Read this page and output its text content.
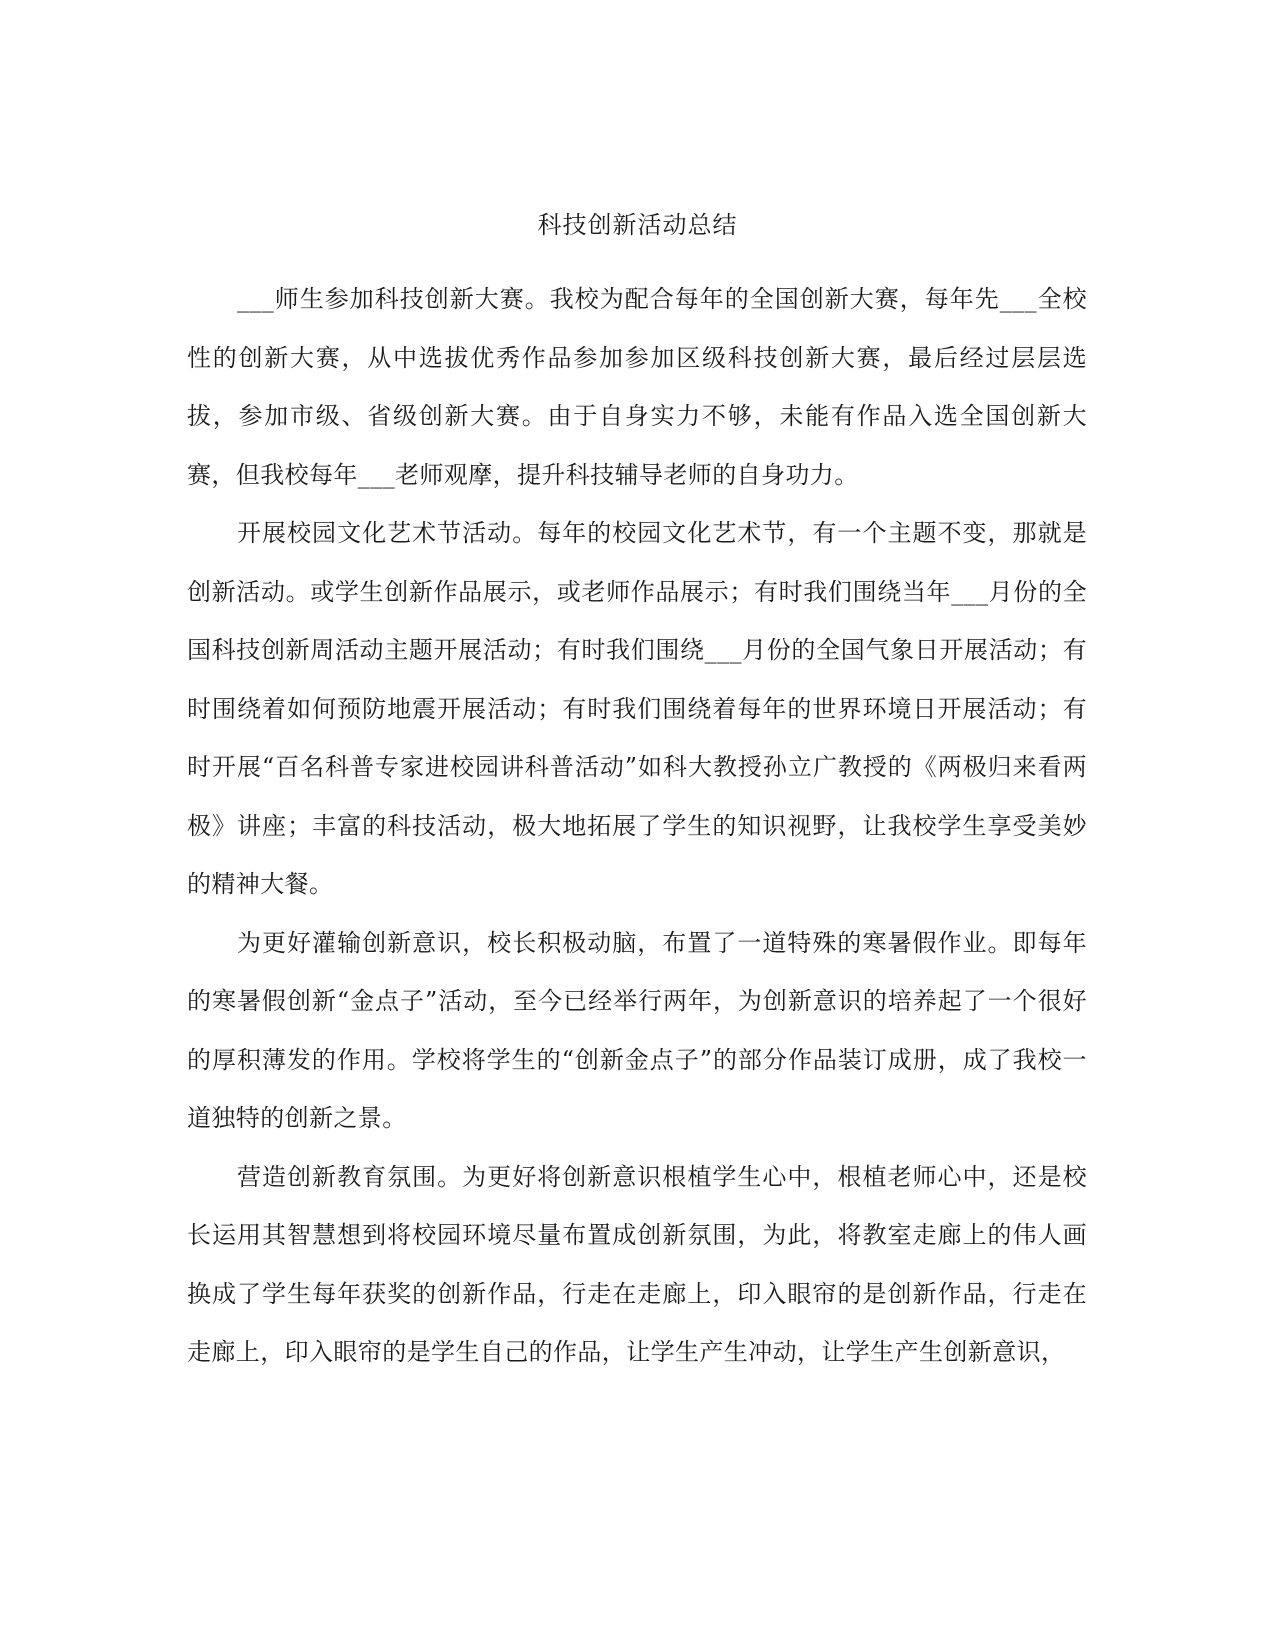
科技创新活动总结

___师生参加科技创新大赛。我校为配合每年的全国创新大赛，每年先___全校性的创新大赛，从中选拔优秀作品参加参加区级科技创新大赛，最后经过层层选拔，参加市级、省级创新大赛。由于自身实力不够，未能有作品入选全国创新大赛，但我校每年___老师观摩，提升科技辅导老师的自身功力。

开展校园文化艺术节活动。每年的校园文化艺术节，有一个主题不变，那就是创新活动。或学生创新作品展示，或老师作品展示；有时我们围绕当年___月份的全国科技创新周活动主题开展活动；有时我们围绕___月份的全国气象日开展活动；有时围绕着如何预防地震开展活动；有时我们围绕着每年的世界环境日开展活动；有时开展“百名科普专家进校园讲科普活动”如科大教授孙立广教授的《两极归来看两极》讲座；丰富的科技活动，极大地拓展了学生的知识视野，让我校学生享受美妙的精神大餐。

为更好灌输创新意识，校长积极动脑，布置了一道特殊的寒暑假作业。即每年的寒暑假创新“金点子”活动，至今已经举行两年，为创新意识的培养起了一个很好的厚积薄发的作用。学校将学生的“创新金点子”的部分作品装订成册，成了我校一道独特的创新之景。

营造创新教育氛围。为更好将创新意识根植学生心中，根植老师心中，还是校长运用其智慧想到将校园环境尽量布置成创新氛围，为此，将教室走廊上的伟人画换成了学生每年获奖的创新作品，行走在走廊上，印入眼帘的是创新作品，行走在走廊上，印入眼帘的是学生自己的作品，让学生产生冲动，让学生产生创新意识，
